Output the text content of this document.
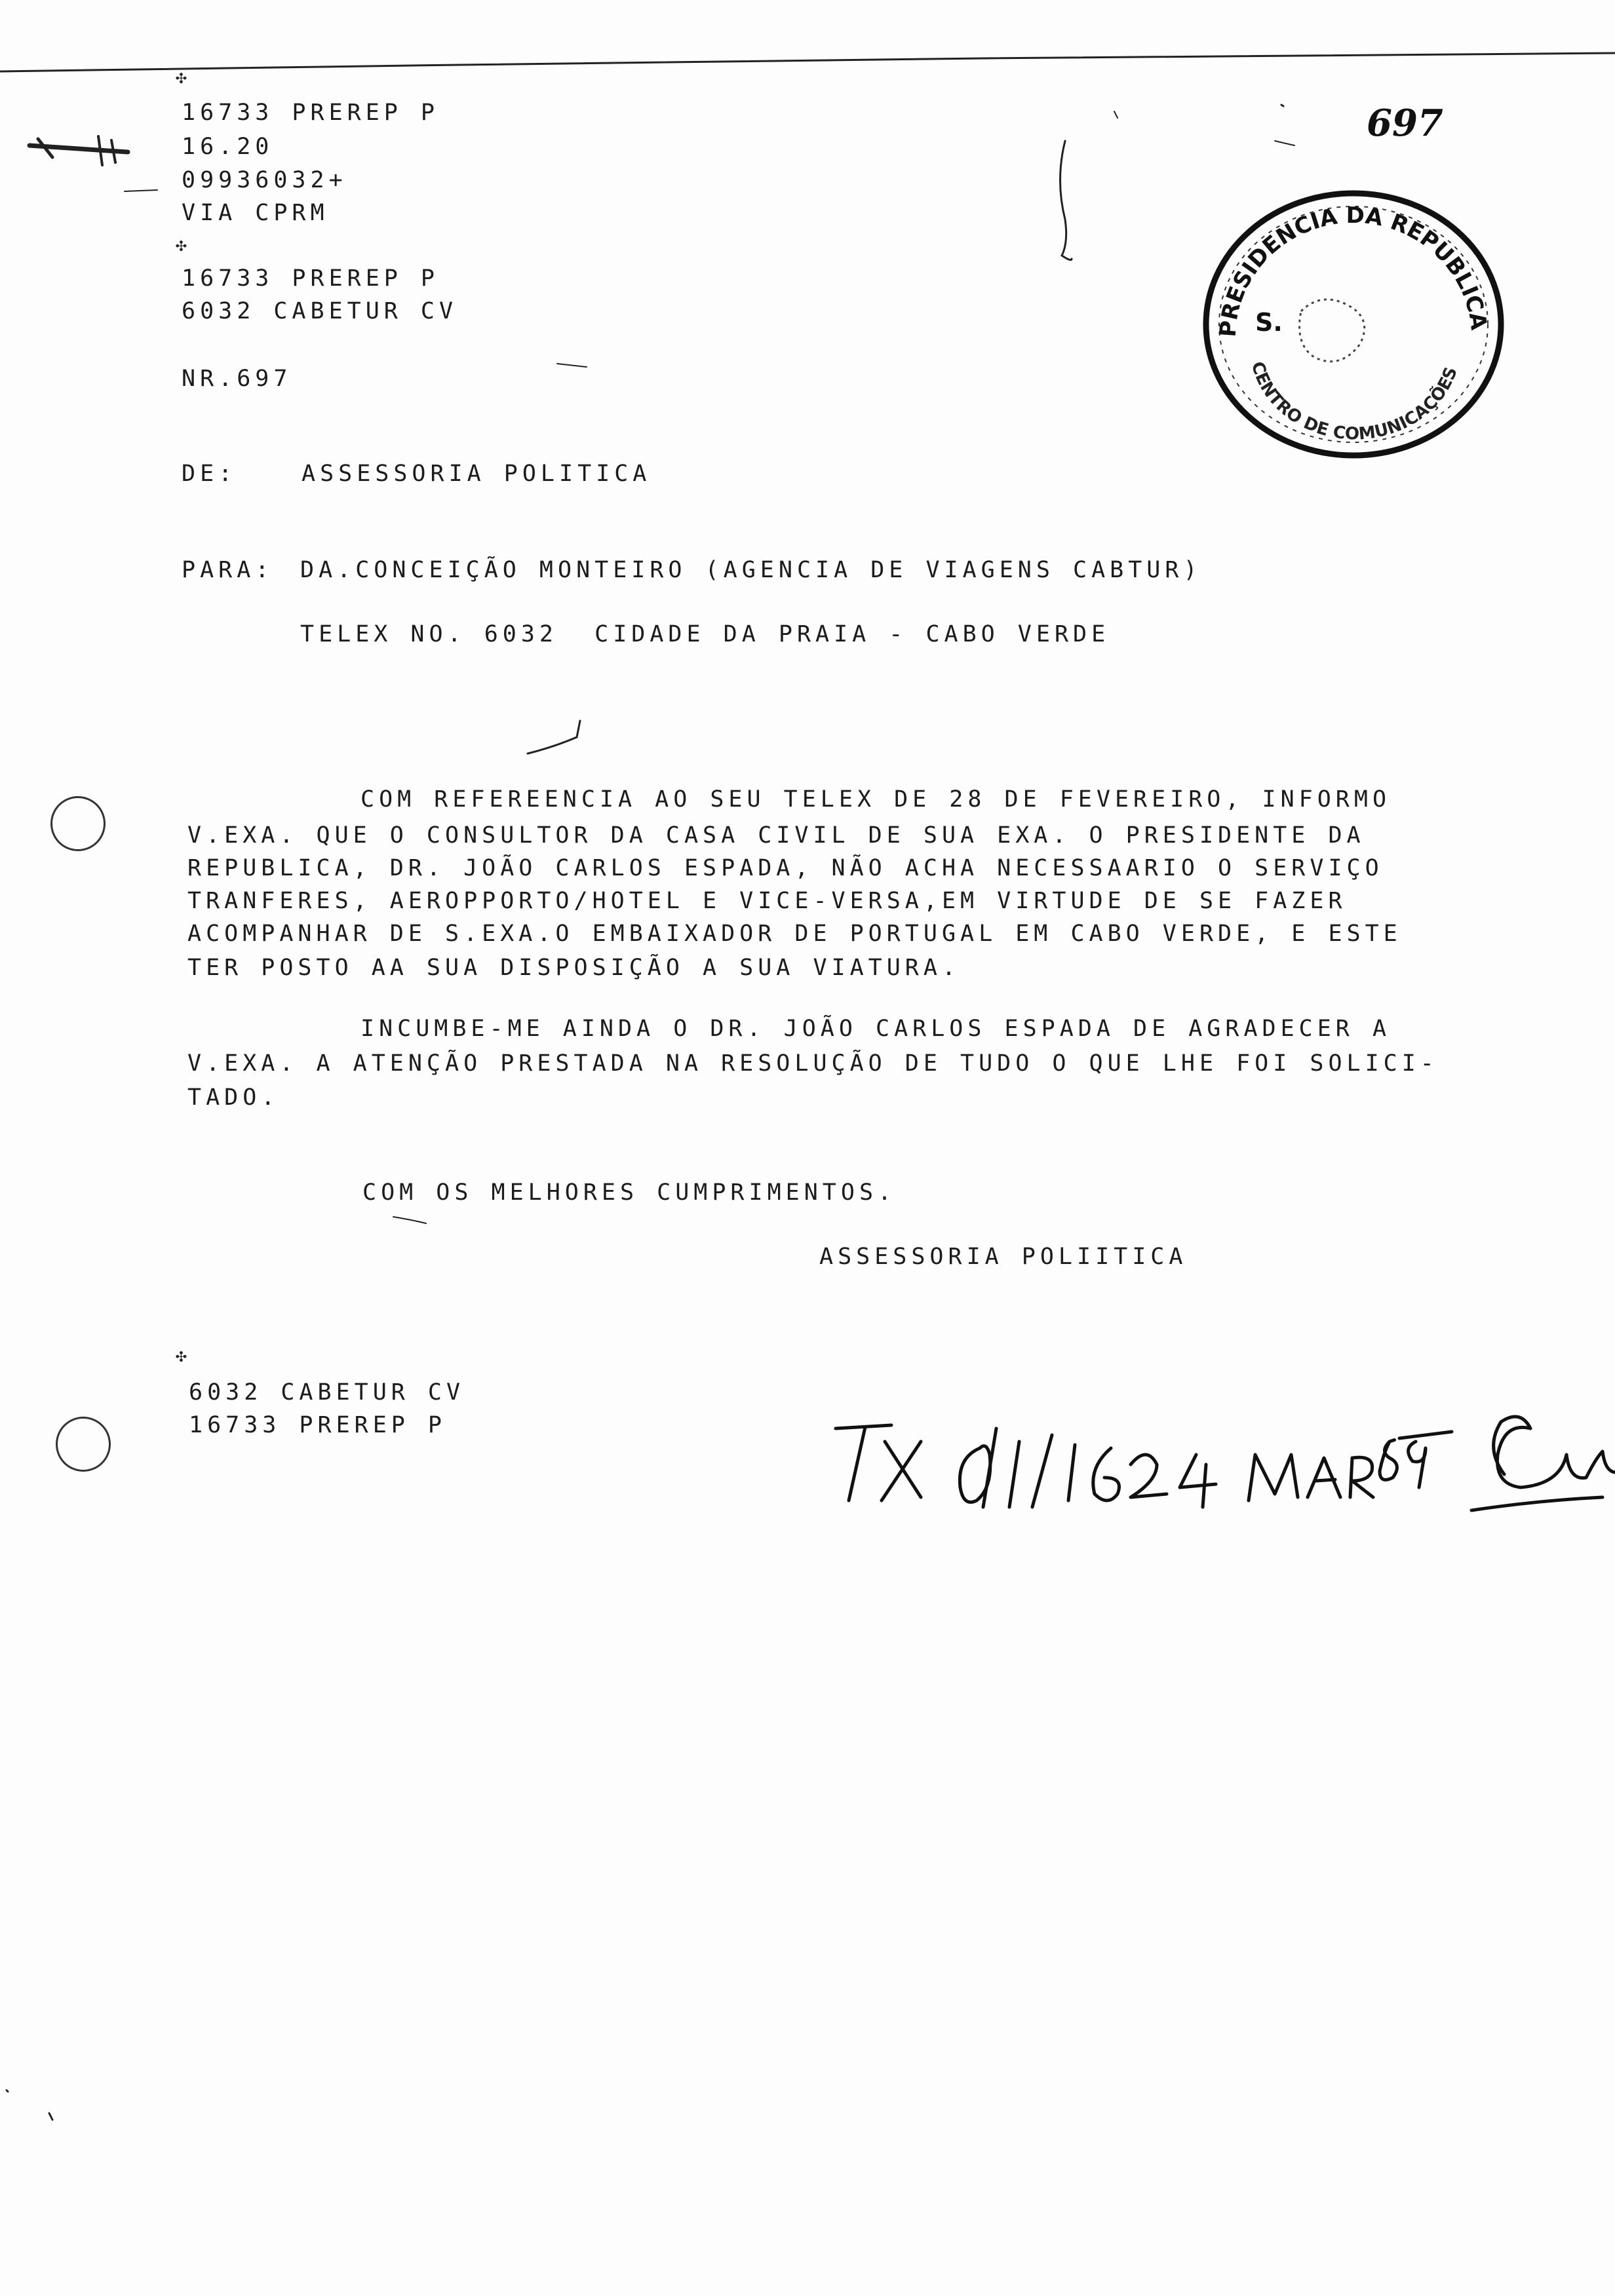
✣
16733 PREREP P
16.20
09936032+
VIA CPRM
✣
16733 PREREP P
6032 CABETUR CV
NR.697
697
PRESIDENCIA DA REPUBLICA
CENTRO DE COMUNICAÇÕES
S.
DE:	ASSESSORIA POLITICA
PARA: DA.CONCEIÇÃO MONTEIRO (AGENCIA DE VIAGENS CABTUR)
TELEX NO. 6032  CIDADE DA PRAIA - CABO VERDE
COM REFEREENCIA AO SEU TELEX DE 28 DE FEVEREIRO, INFORMO
V.EXA. QUE O CONSULTOR DA CASA CIVIL DE SUA EXA. O PRESIDENTE DA
REPUBLICA, DR. JOÃO CARLOS ESPADA, NÃO ACHA NECESSAARIO O SERVIÇO
TRANFERES, AEROPPORTO/HOTEL E VICE-VERSA,EM VIRTUDE DE SE FAZER
ACOMPANHAR DE S.EXA.O EMBAIXADOR DE PORTUGAL EM CABO VERDE, E ESTE
TER POSTO AA SUA DISPOSIÇÃO A SUA VIATURA.
INCUMBE-ME AINDA O DR. JOÃO CARLOS ESPADA DE AGRADECER A
V.EXA. A ATENÇÃO PRESTADA NA RESOLUÇÃO DE TUDO O QUE LHE FOI SOLICI-
TADO.
COM OS MELHORES CUMPRIMENTOS.
ASSESSORIA POLIITICA
✣
6032 CABETUR CV
16733 PREREP P
